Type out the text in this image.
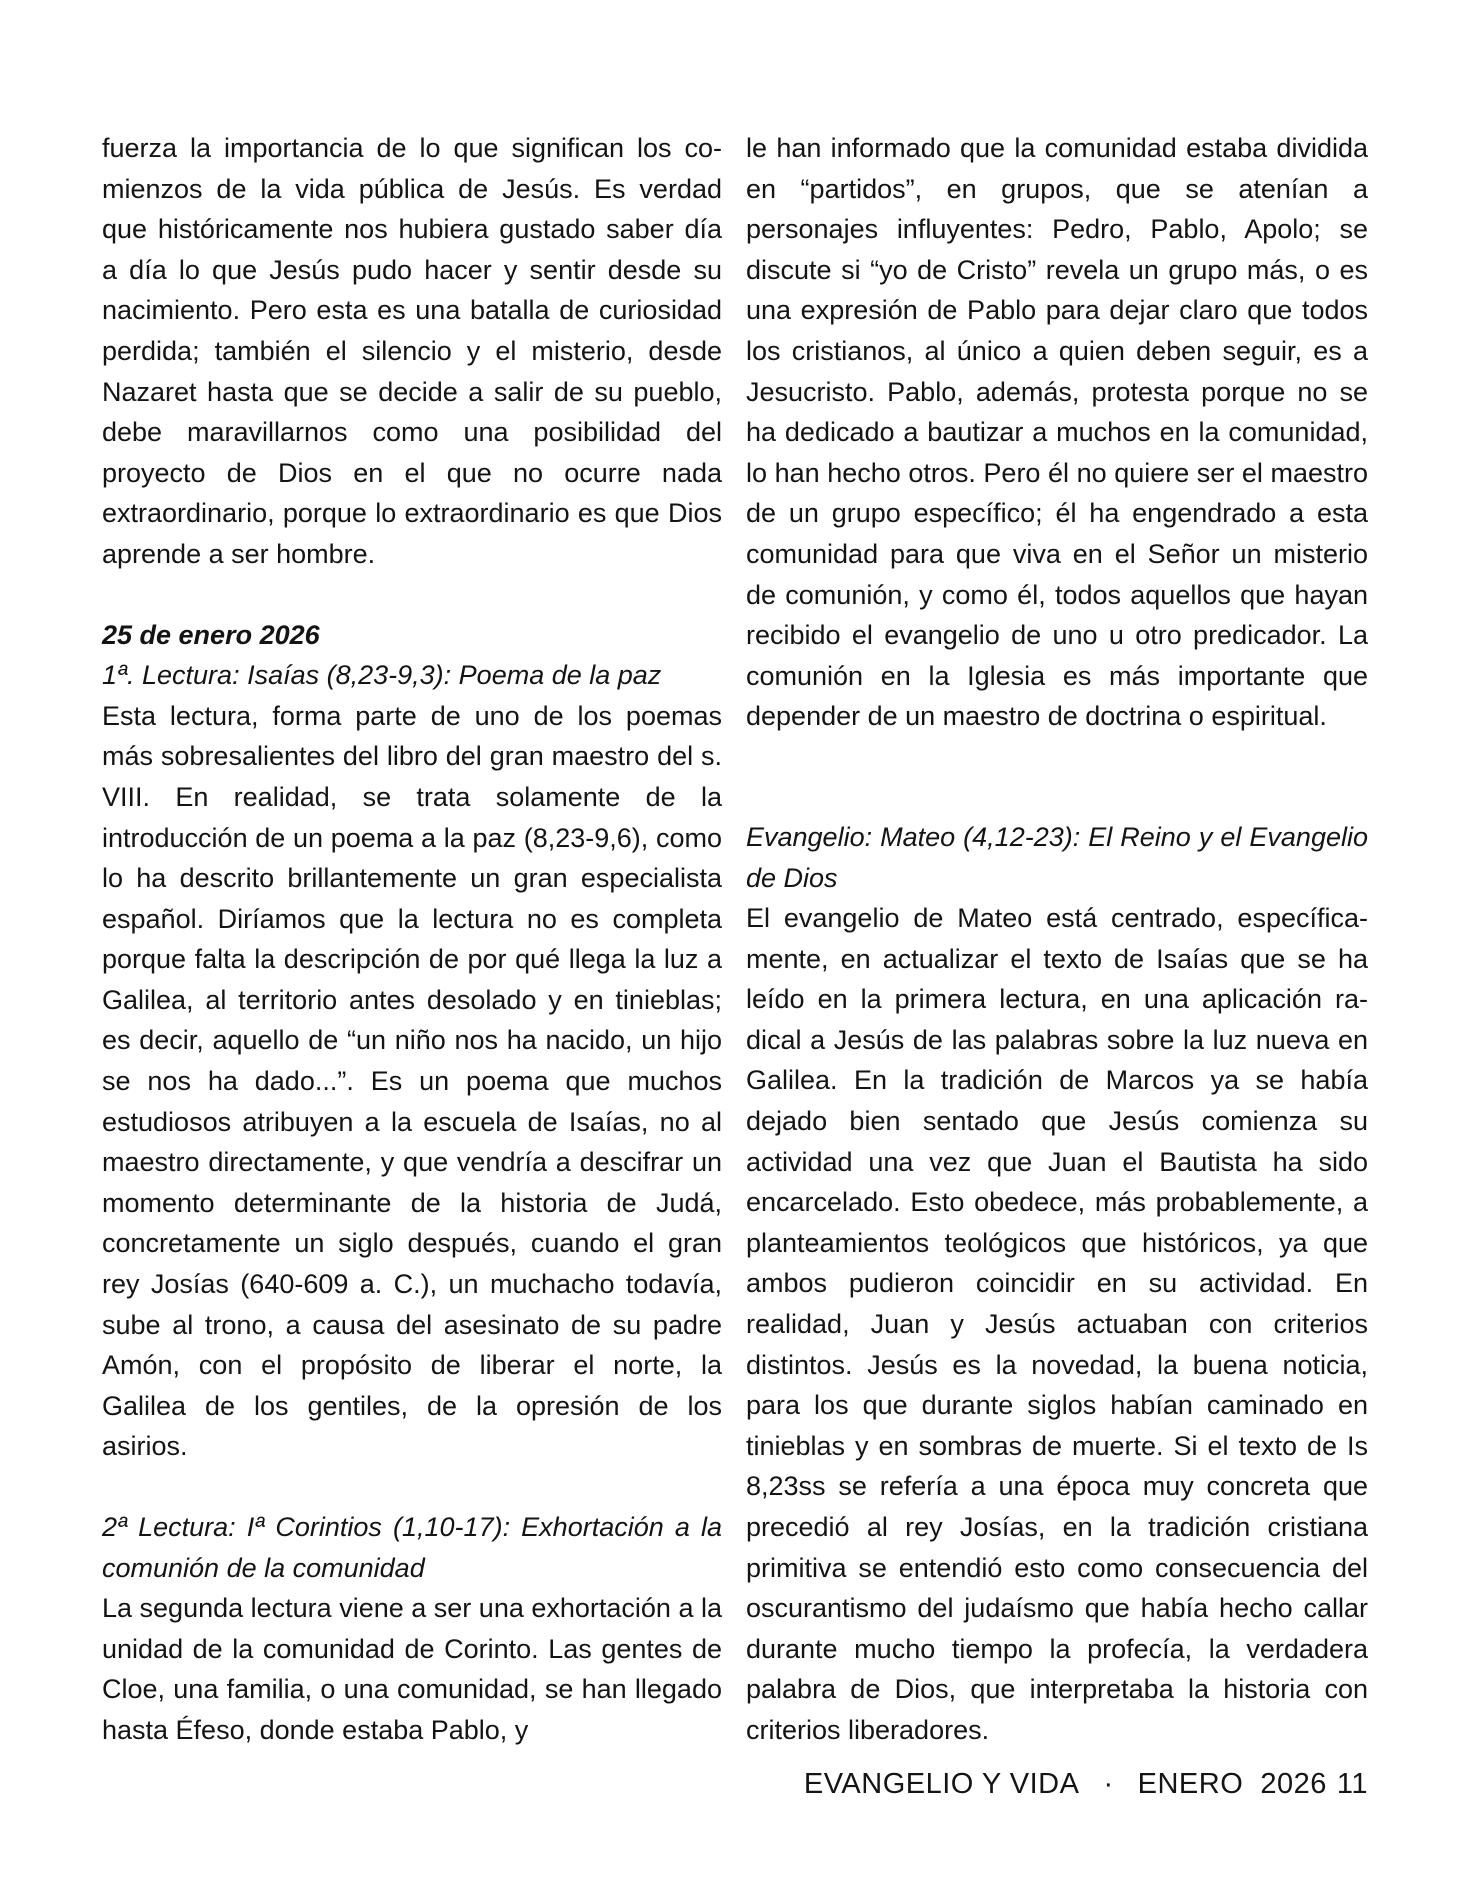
fuerza la importancia de lo que significan los comienzos de la vida pública de Jesús. Es verdad que históricamente nos hubiera gustado saber día a día lo que Jesús pudo hacer y sentir desde su nacimiento. Pero esta es una batalla de curiosidad perdida; también el silencio y el misterio, desde Nazaret hasta que se decide a salir de su pueblo, debe maravillarnos como una posibilidad del proyecto de Dios en el que no ocurre nada extraordinario, porque lo extraordinario es que Dios aprende a ser hombre.

25 de enero 2026

1ª. Lectura: Isaías (8,23-9,3): Poema de la paz

Esta lectura, forma parte de uno de los poemas más sobresalientes del libro del gran maestro del s. VIII. En realidad, se trata solamente de la introducción de un poema a la paz (8,23-9,6), como lo ha descrito brillantemente un gran especialista español. Diríamos que la lectura no es completa porque falta la descripción de por qué llega la luz a Galilea, al territorio antes desolado y en tinieblas; es decir, aquello de “un niño nos ha nacido, un hijo se nos ha dado...”. Es un poema que muchos estudiosos atribuyen a la escuela de Isaías, no al maestro directamente, y que vendría a descifrar un momento determinante de la historia de Judá, concretamente un siglo después, cuando el gran rey Josías (640-609 a. C.), un muchacho todavía, sube al trono, a causa del asesinato de su padre Amón, con el propósito de liberar el norte, la Galilea de los gentiles, de la opresión de los asirios.

2ª Lectura: Iª Corintios (1,10-17): Exhortación a la comunión de la comunidad

La segunda lectura viene a ser una exhortación a la unidad de la comunidad de Corinto. Las gentes de Cloe, una familia, o una comunidad, se han llegado hasta Éfeso, donde estaba Pablo, y

le han informado que la comunidad estaba dividida en “partidos”, en grupos, que se atenían a personajes influyentes: Pedro, Pablo, Apolo; se discute si “yo de Cristo” revela un grupo más, o es una expresión de Pablo para dejar claro que todos los cristianos, al único a quien deben seguir, es a Jesucristo. Pablo, además, protesta porque no se ha dedicado a bautizar a muchos en la comunidad, lo han hecho otros. Pero él no quiere ser el maestro de un grupo específico; él ha engendrado a esta comunidad para que viva en el Señor un misterio de comunión, y como él, todos aquellos que hayan recibido el evangelio de uno u otro predicador. La comunión en la Iglesia es más importante que depender de un maestro de doctrina o espiritual.

Evangelio: Mateo (4,12-23): El Reino y el Evangelio de Dios

El evangelio de Mateo está centrado, específicamente, en actualizar el texto de Isaías que se ha leído en la primera lectura, en una aplicación radical a Jesús de las palabras sobre la luz nueva en Galilea. En la tradición de Marcos ya se había dejado bien sentado que Jesús comienza su actividad una vez que Juan el Bautista ha sido encarcelado. Esto obedece, más probablemente, a planteamientos teológicos que históricos, ya que ambos pudieron coincidir en su actividad. En realidad, Juan y Jesús actuaban con criterios distintos. Jesús es la novedad, la buena noticia, para los que durante siglos habían caminado en tinieblas y en sombras de muerte. Si el texto de Is 8,23ss se refería a una época muy concreta que precedió al rey Josías, en la tradición cristiana primitiva se entendió esto como consecuencia del oscurantismo del judaísmo que había hecho callar durante mucho tiempo la profecía, la verdadera palabra de Dios, que interpretaba la historia con criterios liberadores.

EVANGELIO Y VIDA · ENERO  2026 11
